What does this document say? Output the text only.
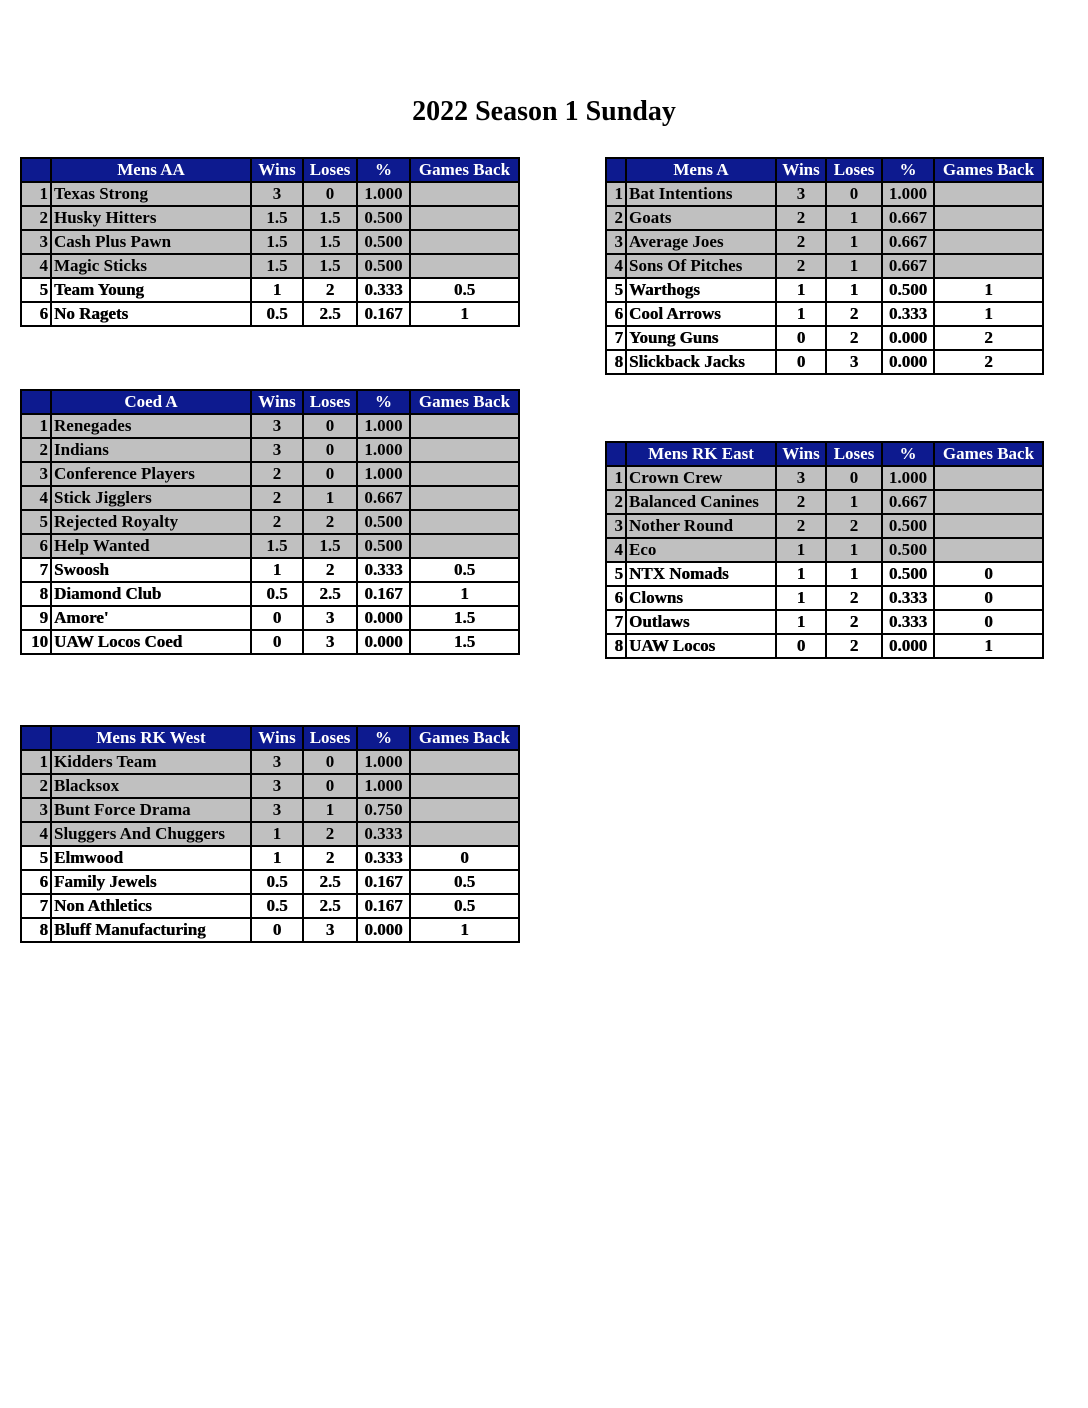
2022 Season 1 Sunday
	Mens AA	Wins	Loses	%	Games Back
1	Texas Strong	3	0	1.000	
2	Husky Hitters	1.5	1.5	0.500	
3	Cash Plus Pawn	1.5	1.5	0.500	
4	Magic Sticks	1.5	1.5	0.500	
5	Team Young	1	2	0.333	0.5
6	No Ragets	0.5	2.5	0.167	1
	Mens A	Wins	Loses	%	Games Back
1	Bat Intentions	3	0	1.000	
2	Goats	2	1	0.667	
3	Average Joes	2	1	0.667	
4	Sons Of Pitches	2	1	0.667	
5	Warthogs	1	1	0.500	1
6	Cool Arrows	1	2	0.333	1
7	Young Guns	0	2	0.000	2
8	Slickback Jacks	0	3	0.000	2
	Coed A	Wins	Loses	%	Games Back
1	Renegades	3	0	1.000	
2	Indians	3	0	1.000	
3	Conference Players	2	0	1.000	
4	Stick Jigglers	2	1	0.667	
5	Rejected Royalty	2	2	0.500	
6	Help Wanted	1.5	1.5	0.500	
7	Swoosh	1	2	0.333	0.5
8	Diamond Club	0.5	2.5	0.167	1
9	Amore'	0	3	0.000	1.5
10	UAW Locos Coed	0	3	0.000	1.5
	Mens RK East	Wins	Loses	%	Games Back
1	Crown Crew	3	0	1.000	
2	Balanced Canines	2	1	0.667	
3	Nother Round	2	2	0.500	
4	Eco	1	1	0.500	
5	NTX Nomads	1	1	0.500	0
6	Clowns	1	2	0.333	0
7	Outlaws	1	2	0.333	0
8	UAW Locos	0	2	0.000	1
	Mens RK West	Wins	Loses	%	Games Back
1	Kidders Team	3	0	1.000	
2	Blacksox	3	0	1.000	
3	Bunt Force Drama	3	1	0.750	
4	Sluggers And Chuggers	1	2	0.333	
5	Elmwood	1	2	0.333	0
6	Family Jewels	0.5	2.5	0.167	0.5
7	Non Athletics	0.5	2.5	0.167	0.5
8	Bluff Manufacturing	0	3	0.000	1
